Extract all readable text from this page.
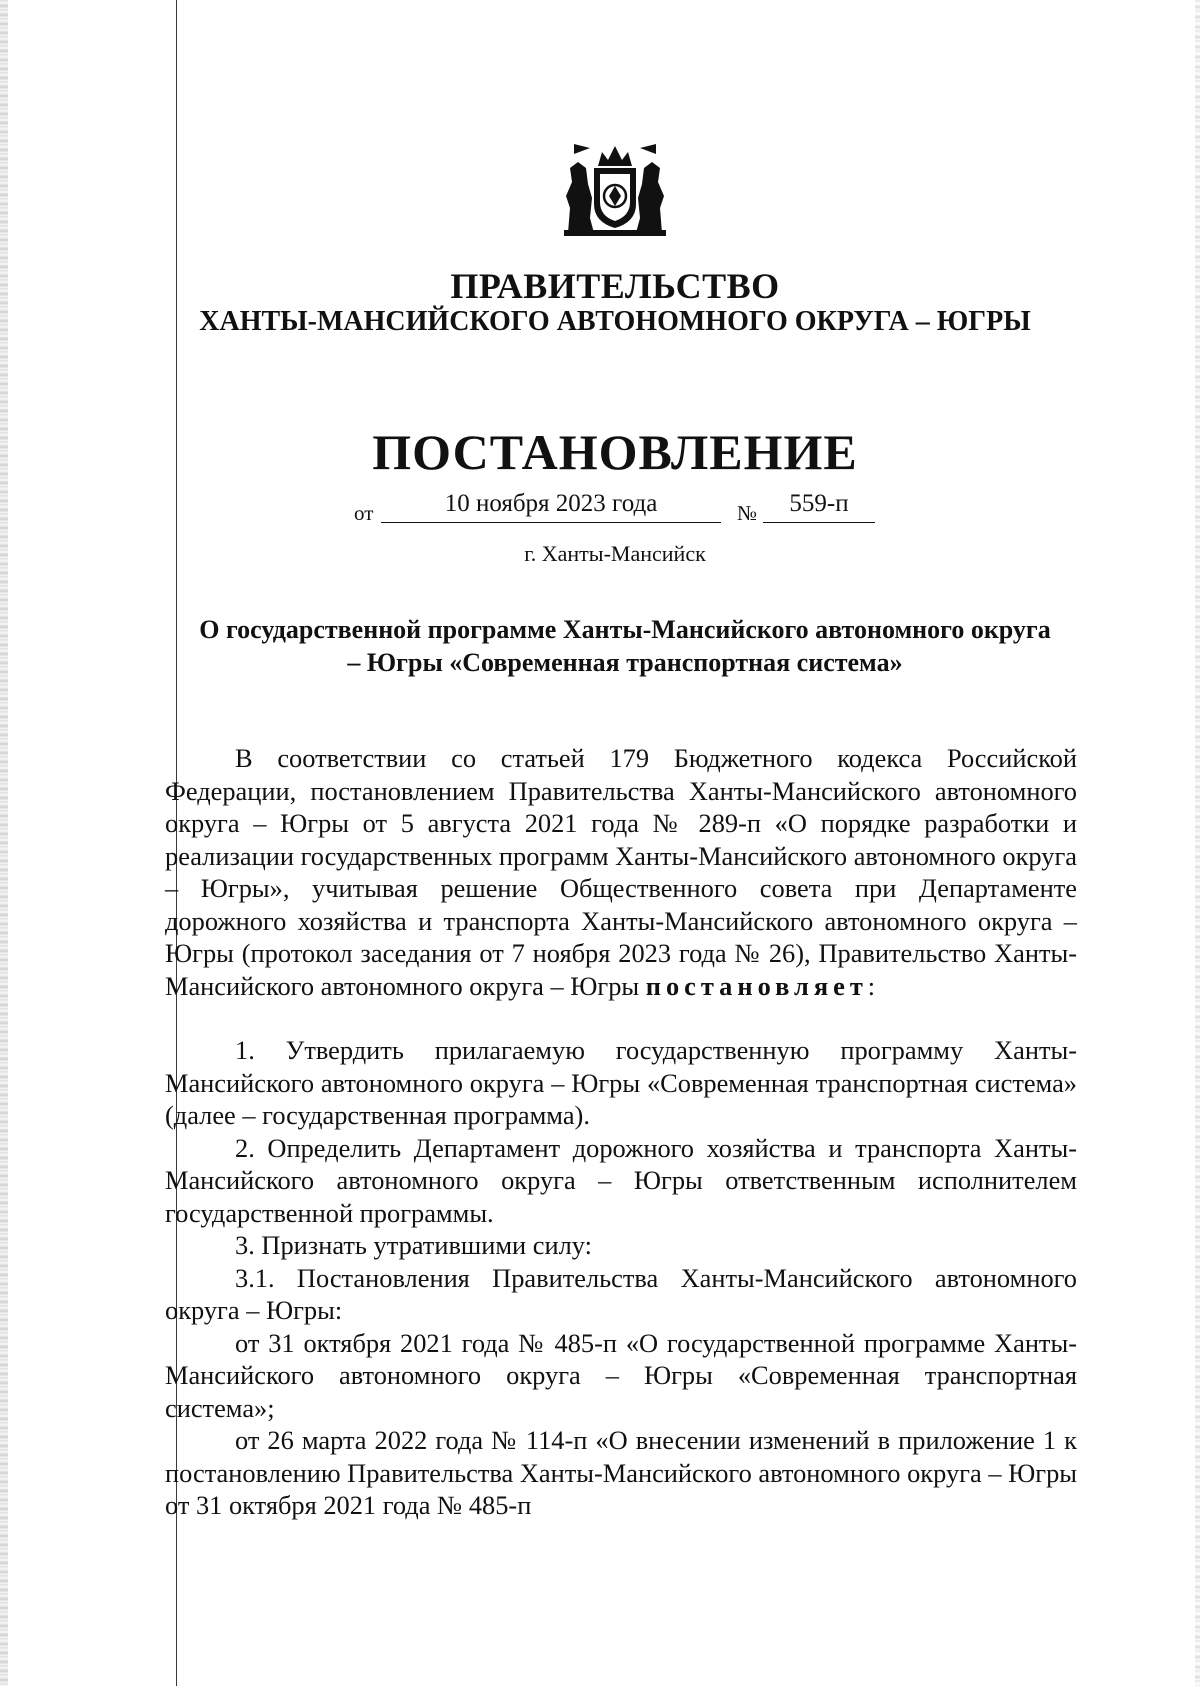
ПРАВИТЕЛЬСТВО
ХАНТЫ-МАНСИЙСКОГО АВТОНОМНОГО ОКРУГА – ЮГРЫ
ПОСТАНОВЛЕНИЕ
от	10 ноября 2023 года	№	559-п
г. Ханты-Мансийск
О государственной программе Ханты-Мансийского автономного округа – Югры «Современная транспортная система»

В соответствии со статьей 179 Бюджетного кодекса Российской Федерации, постановлением Правительства Ханты-Мансийского автономного округа – Югры от 5 августа 2021 года № 289-п «О порядке разработки и реализации государственных программ Ханты-Мансийского автономного округа – Югры», учитывая решение Общественного совета при Департаменте дорожного хозяйства и транспорта Ханты-Мансийского автономного округа – Югры (протокол заседания от 7 ноября 2023 года № 26), Правительство Ханты-Мансийского автономного округа – Югры постановляет:

1. Утвердить прилагаемую государственную программу Ханты-Мансийского автономного округа – Югры «Современная транспортная система» (далее – государственная программа).

2. Определить Департамент дорожного хозяйства и транспорта Ханты-Мансийского автономного округа – Югры ответственным исполнителем государственной программы.

3. Признать утратившими силу:

3.1. Постановления Правительства Ханты-Мансийского автономного округа – Югры:

от 31 октября 2021 года № 485-п «О государственной программе Ханты-Мансийского автономного округа – Югры «Современная транспортная система»;

от 26 марта 2022 года № 114-п «О внесении изменений в приложение 1 к постановлению Правительства Ханты-Мансийского автономного округа – Югры от 31 октября 2021 года № 485-п
